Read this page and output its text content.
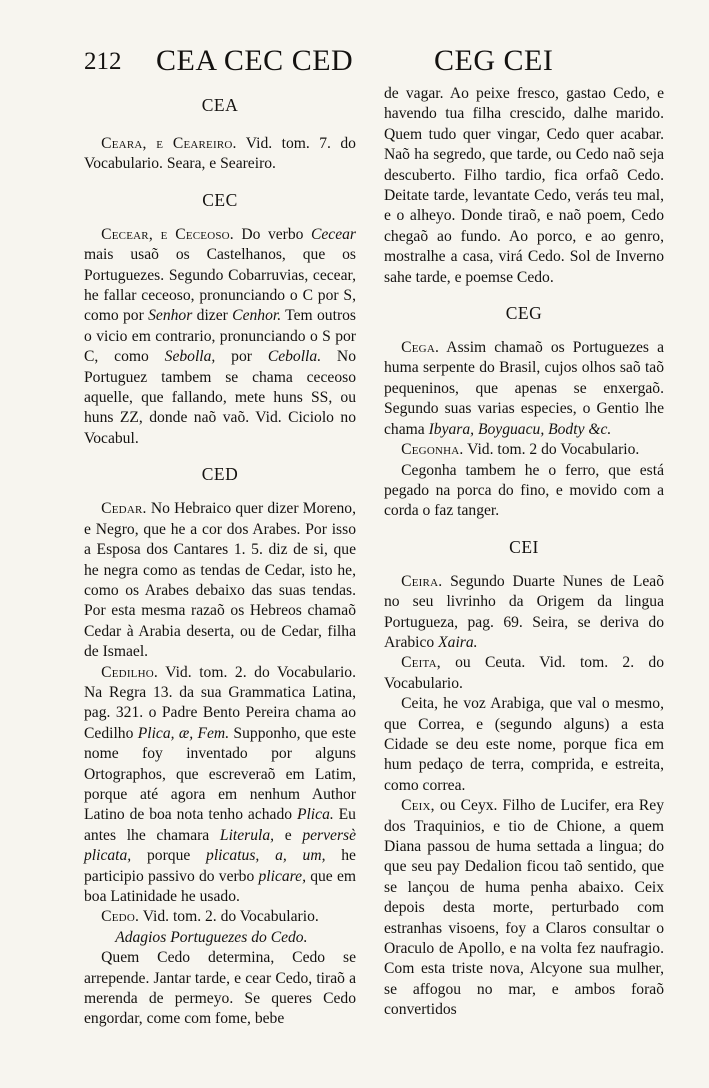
212 CEA CEC CED	CEG CEI
CEA

Ceara, e Ceareiro. Vid. tom. 7. do Vocabulario. Seara, e Seareiro.

CEC

Cecear, e Ceceoso. Do verbo Cecear mais usaõ os Castelhanos, que os Portuguezes. Segundo Cobarruvias, cecear, he fallar ceceoso, pronunciando o C por S, como por Senhor dizer Cenhor. Tem outros o vicio em contrario, pronunciando o S por C, como Sebolla, por Cebolla. No Portuguez tambem se chama ceceoso aquelle, que fallando, mete huns SS, ou huns ZZ, donde naõ vaõ. Vid. Ciciolo no Vocabul.

CED

Cedar. No Hebraico quer dizer Moreno, e Negro, que he a cor dos Arabes. Por isso a Esposa dos Cantares 1. 5. diz de si, que he negra como as tendas de Cedar, isto he, como os Arabes debaixo das suas tendas. Por esta mesma razaõ os Hebreos chamaõ Cedar à Arabia deserta, ou de Cedar, filha de Ismael.

Cedilho. Vid. tom. 2. do Vocabulario. Na Regra 13. da sua Grammatica Latina, pag. 321. o Padre Bento Pereira chama ao Cedilho Plica, æ, Fem. Supponho, que este nome foy inventado por alguns Ortographos, que escreveraõ em Latim, porque até agora em nenhum Author Latino de boa nota tenho achado Plica. Eu antes lhe chamara Literula, e perversè plicata, porque plicatus, a, um, he participio passivo do verbo plicare, que em boa Latinidade he usado.

Cedo. Vid. tom. 2. do Vocabulario.

Adagios Portuguezes do Cedo.

Quem Cedo determina, Cedo se arrepende. Jantar tarde, e cear Cedo, tiraõ a merenda de permeyo. Se queres Cedo engordar, come com fome, bebe

de vagar. Ao peixe fresco, gastao Cedo, e havendo tua filha crescido, dalhe marido. Quem tudo quer vingar, Cedo quer acabar. Naõ ha segredo, que tarde, ou Cedo naõ seja descuberto. Filho tardio, fica orfaõ Cedo. Deitate tarde, levantate Cedo, verás teu mal, e o alheyo. Donde tiraõ, e naõ poem, Cedo chegaõ ao fundo. Ao porco, e ao genro, mostralhe a casa, virá Cedo. Sol de Inverno sahe tarde, e poemse Cedo.

CEG

Cega. Assim chamaõ os Portuguezes a huma serpente do Brasil, cujos olhos saõ taõ pequeninos, que apenas se enxergaõ. Segundo suas varias especies, o Gentio lhe chama Ibyara, Boyguacu, Bodty &c.

Cegonha. Vid. tom. 2 do Vocabulario.

Cegonha tambem he o ferro, que está pegado na porca do fino, e movido com a corda o faz tanger.

CEI

Ceira. Segundo Duarte Nunes de Leaõ no seu livrinho da Origem da lingua Portugueza, pag. 69. Seira, se deriva do Arabico Xaira.

Ceita, ou Ceuta. Vid. tom. 2. do Vocabulario.

Ceita, he voz Arabiga, que val o mesmo, que Correa, e (segundo alguns) a esta Cidade se deu este nome, porque fica em hum pedaço de terra, comprida, e estreita, como correa.

Ceix, ou Ceyx. Filho de Lucifer, era Rey dos Traquinios, e tio de Chione, a quem Diana passou de huma settada a lingua; do que seu pay Dedalion ficou taõ sentido, que se lançou de huma penha abaixo. Ceix depois desta morte, perturbado com estranhas visoens, foy a Claros consultar o Oraculo de Apollo, e na volta fez naufragio. Com esta triste nova, Alcyone sua mulher, se affogou no mar, e ambos foraõ convertidos
